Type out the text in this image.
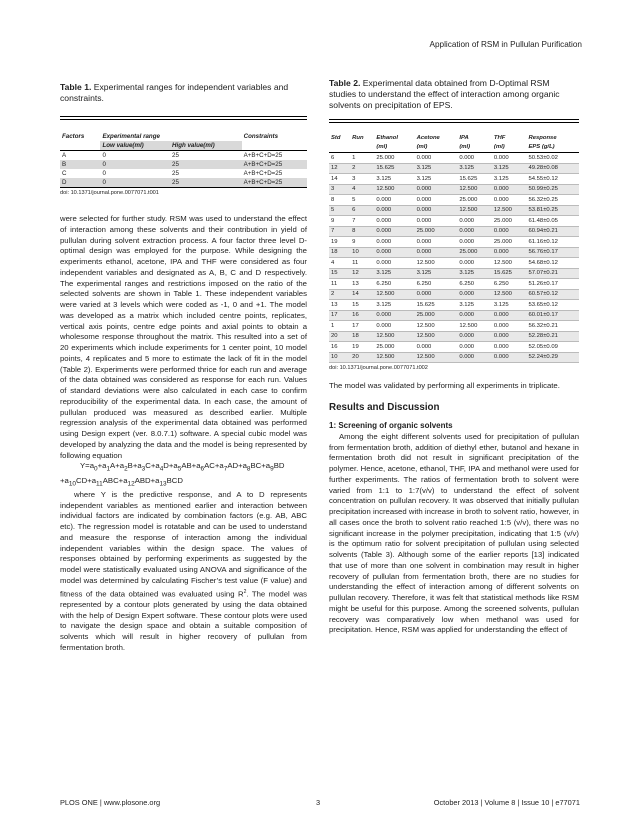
Application of RSM in Pullulan Purification

Table 1. Experimental ranges for independent variables and constraints.

Factors	Experimental range		Constraints
	Low value(ml)	High value(ml)	
A	0	25	A+B+C+D=25
B	0	25	A+B+C+D=25
C	0	25	A+B+C+D=25
D	0	25	A+B+C+D=25
doi: 10.1371/journal.pone.0077071.t001

were selected for further study. RSM was used to understand the effect of interaction among these solvents and their contribution in yield of pullulan during solvent extraction process. A four factor three level D-optimal design was employed for the purpose. While designing the experiments ethanol, acetone, IPA and THF were considered as four independent variables and designated as A, B, C and D respectively. The experimental ranges and restrictions imposed on the ratio of the selected solvents are shown in Table 1. These independent variables were varied at 3 levels which were coded as -1, 0 and +1. The model was developed as a matrix which included centre points, replicates, vertical axis points, centre edge points and axial points to obtain a wholesome response throughout the matrix. This resulted into a set of 20 experiments which include experiments for 1 center point, 10 model points, 4 replicates and 5 more to estimate the lack of fit in the model (Table 2). Experiments were performed thrice for each run and average of the data obtained was considered as response for each run. Values of standard deviations were also calculated in each case to confirm reproducibility of the experimental data. In each case, the amount of pullulan produced was measured as described earlier. Multiple regression analysis of the experimental data obtained was performed using Design expert (ver. 8.0.7.1) software. A special cubic model was developed by analyzing the data and the model is being represented by following equation

$Y=a_0+a_1A+a_2B+a_3C+a_4D+a_5AB+a_6AC+a_7AD+a_8BC+a_9BD$

$+a_{10}CD+a_{11}ABC+a_{12}ABD+a_{13}BCD$

where Y is the predictive response, and A to D represents independent variables as mentioned earlier and interaction between individual factors are indicated by combination factors (e.g. AB, ABC etc). The regression model is rotatable and can be used to understand and measure the response of interaction among the individual independent variables within the design space. The values of responses obtained by performing experiments as suggested by the model were statistically evaluated using ANOVA and significance of the model was determined by calculating Fischer’s test value (F value) and fitness of the data obtained was evaluated using $R^2$. The model was represented by a contour plots generated by using the data obtained with the help of Design Expert software. These contour plots were used to navigate the design space and obtain a suitable composition of solvents which will result in higher recovery of pullulan from fermentation broth.

Table 2. Experimental data obtained from D-Optimal RSM studies to understand the effect of interaction among organic solvents on precipitation of EPS.

Std	Run	Ethanol	Acetone	IPA	THF	Response
		(ml)	(ml)	(ml)	(ml)	EPS (g/L)
6	1	25.000	0.000	0.000	0.000	50.53±0.02
12	2	15.625	3.125	3.125	3.125	49.28±0.08
14	3	3.125	3.125	15.625	3.125	54.55±0.12
3	4	12.500	0.000	12.500	0.000	50.99±0.25
8	5	0.000	0.000	25.000	0.000	56.32±0.25
5	6	0.000	0.000	12.500	12.500	53.81±0.25
9	7	0.000	0.000	0.000	25.000	61.48±0.05
7	8	0.000	25.000	0.000	0.000	60.94±0.21
19	9	0.000	0.000	0.000	25.000	61.16±0.12
18	10	0.000	0.000	25.000	0.000	56.76±0.17
4	11	0.000	12.500	0.000	12.500	54.68±0.12
15	12	3.125	3.125	3.125	15.625	57.07±0.21
11	13	6.250	6.250	6.250	6.250	51.26±0.17
2	14	12.500	0.000	0.000	12.500	60.57±0.12
13	15	3.125	15.625	3.125	3.125	53.65±0.12
17	16	0.000	25.000	0.000	0.000	60.01±0.17
1	17	0.000	12.500	12.500	0.000	56.32±0.21
20	18	12.500	12.500	0.000	0.000	52.28±0.21
16	19	25.000	0.000	0.000	0.000	52.05±0.09
10	20	12.500	12.500	0.000	0.000	52.24±0.29
doi: 10.1371/journal.pone.0077071.t002

The model was validated by performing all experiments in triplicate.

Results and Discussion
1: Screening of organic solvents

Among the eight different solvents used for precipitation of pullulan from fermentation broth, addition of diethyl ether, butanol and hexane in fermentation broth did not result in significant precipitation of the polymer. Hence, acetone, ethanol, THF, IPA and methanol were used for further experiments. The ratios of fermentation broth to solvent were varied from 1:1 to 1:7(v/v) to understand the effect of solvent concentration on pullulan recovery. It was observed that initially pullulan precipitation increased with increase in broth to solvent ratio, however, in all cases once the broth to solvent ratio reached 1:5 (v/v), there was no significant increase in the polymer precipitation, indicating that 1:5 (v/v) is the optimum ratio for solvent precipitation of pullulan using selected solvents (Table 3). Although some of the earlier reports [13] indicated that use of more than one solvent in combination may result in higher recovery of pullulan from fermentation broth, there are no studies for understanding the effect of interaction among of different solvents on pullulan recovery. Therefore, it was felt that statistical methods like RSM might be useful for this purpose. Among the screened solvents, pullulan recovery was comparatively low when methanol was used for precipitation. Hence, RSM was applied for understanding the effect of

PLOS ONE | www.plosone.org	3	October 2013 | Volume 8 | Issue 10 | e77071
